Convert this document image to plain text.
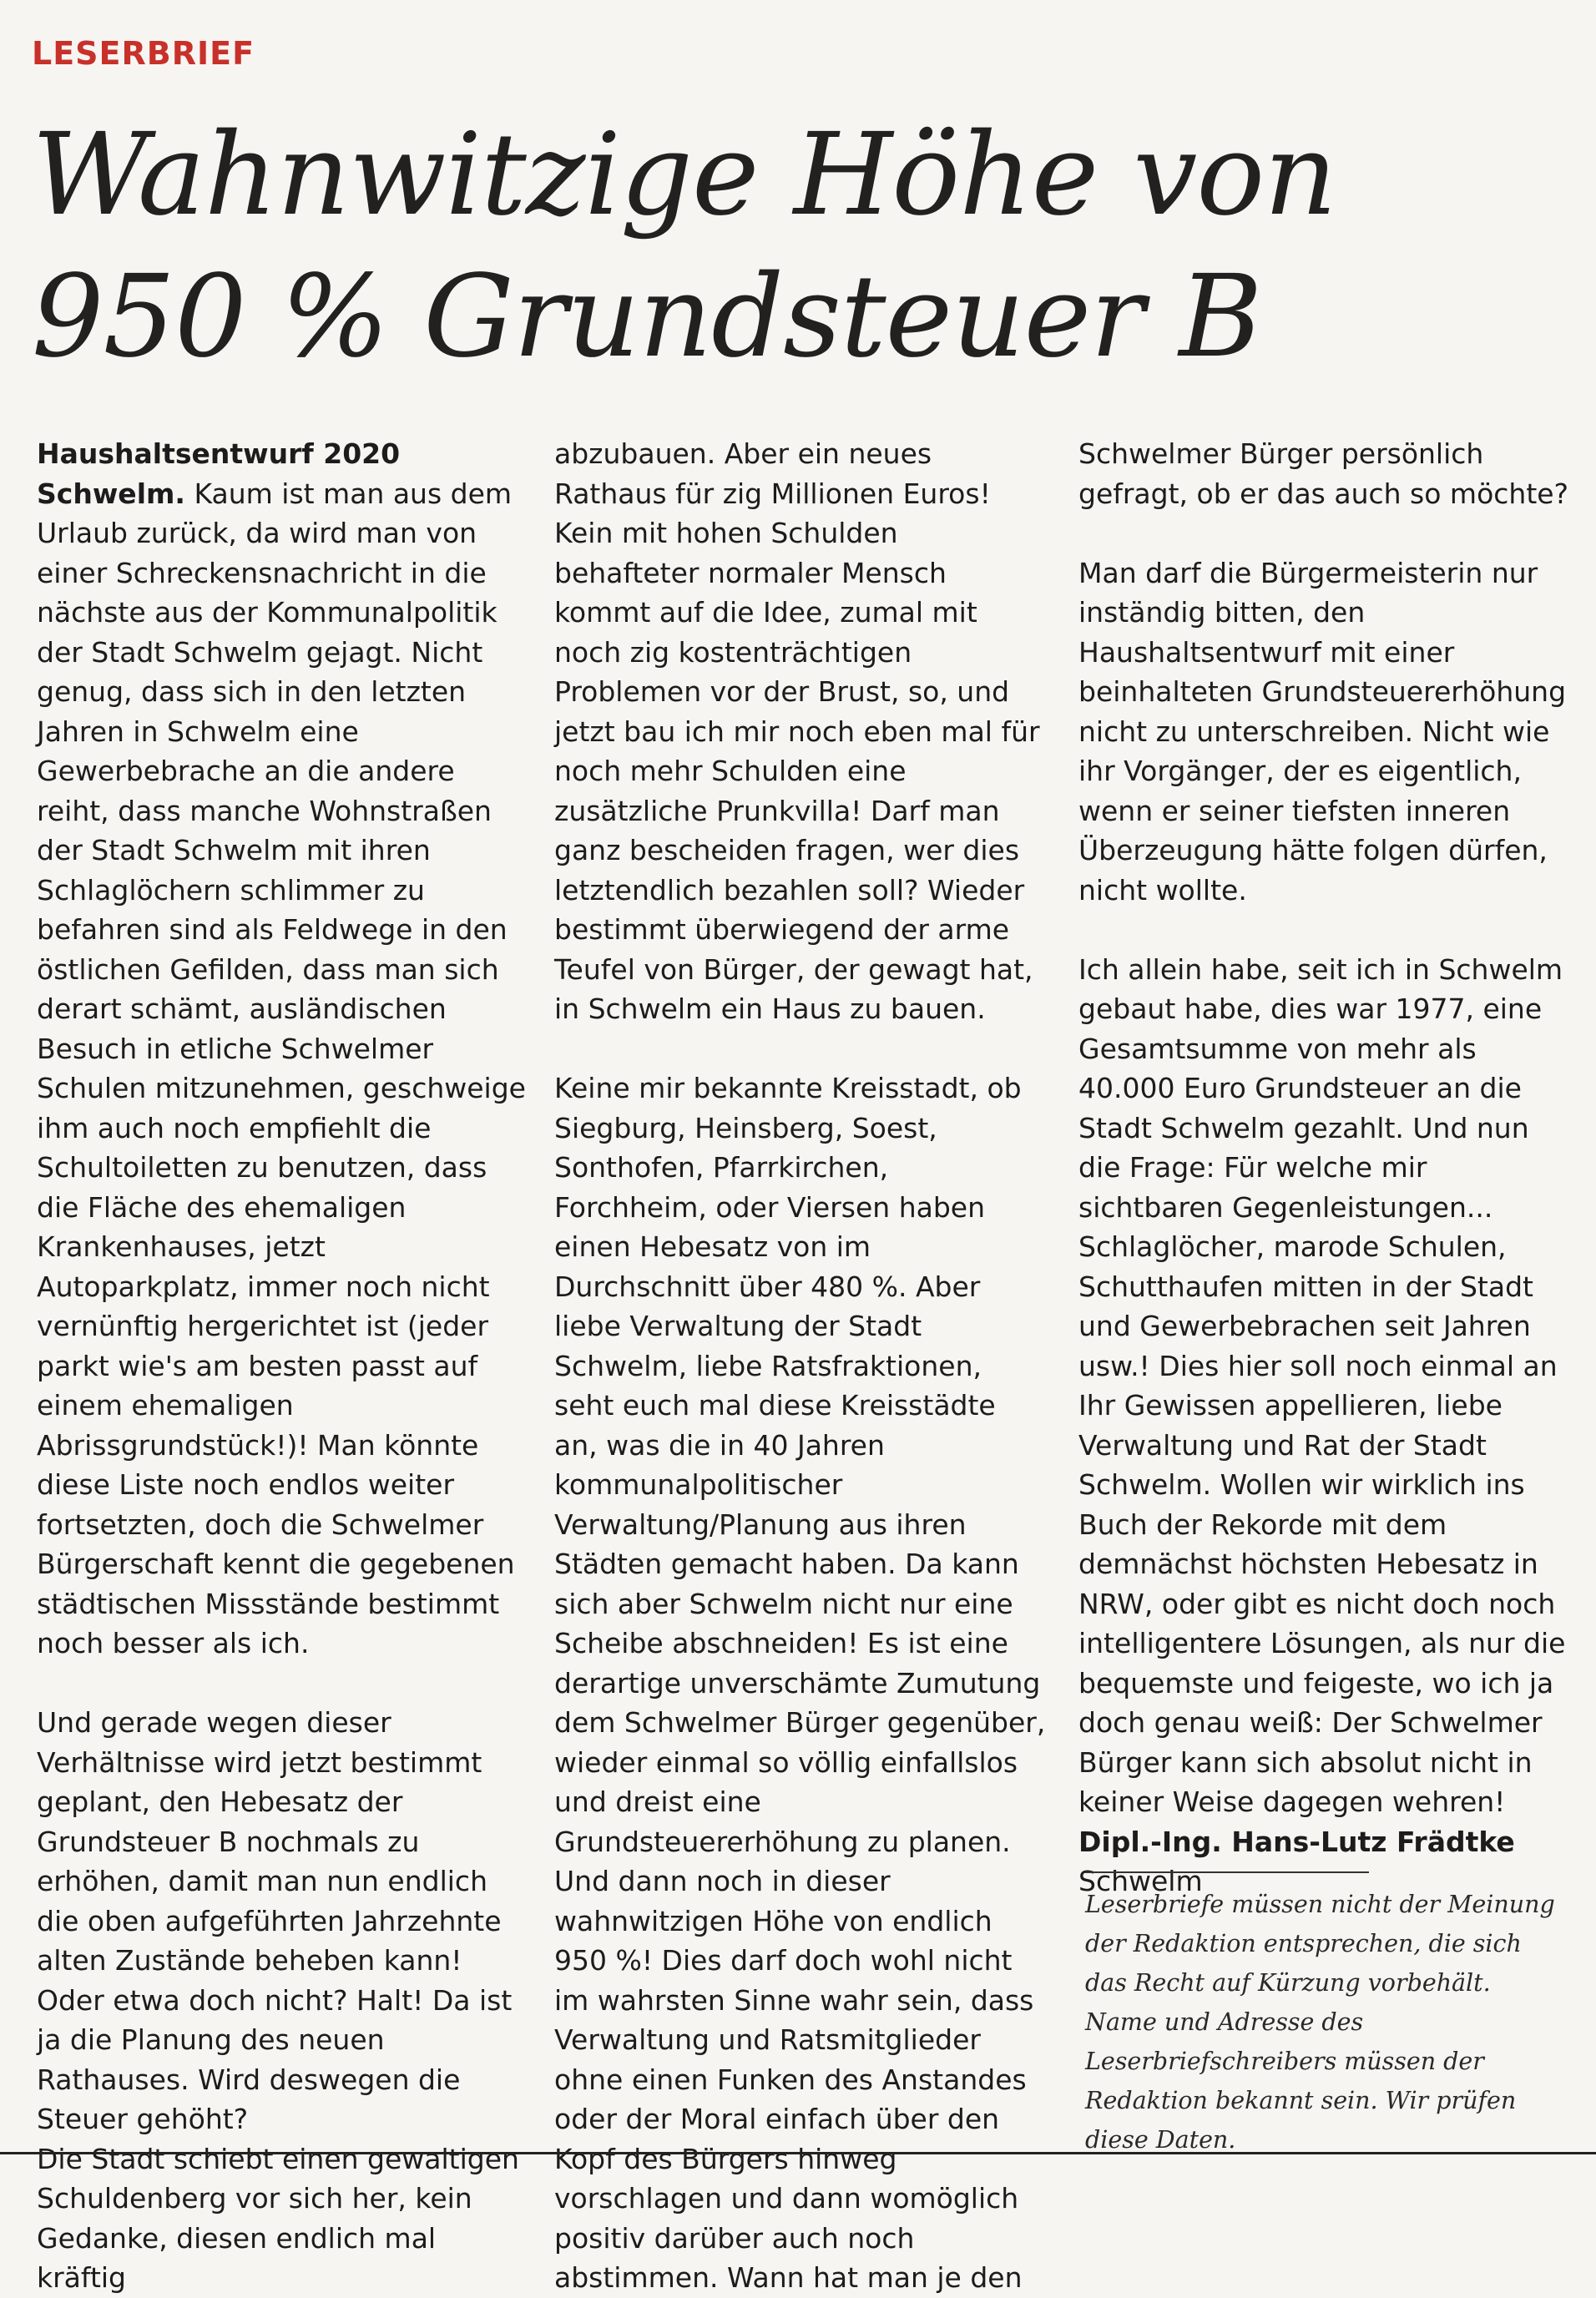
LESERBRIEF
Wahnwitzige Höhe von
950 % Grundsteuer B

Haushaltsentwurf 2020 Schwelm. Kaum ist man aus dem Urlaub zurück, da wird man von einer Schreckensnachricht in die nächste aus der Kommunalpolitik der Stadt Schwelm gejagt. Nicht genug, dass sich in den letzten Jahren in Schwelm eine Gewerbebrache an die andere reiht, dass manche Wohnstraßen der Stadt Schwelm mit ihren Schlaglöchern schlimmer zu befahren sind als Feldwege in den östlichen Gefilden, dass man sich derart schämt, ausländischen Besuch in etliche Schwelmer Schulen mitzunehmen, geschweige ihm auch noch empfiehlt die Schultoiletten zu benutzen, dass die Fläche des ehemaligen Krankenhauses, jetzt Autoparkplatz, immer noch nicht vernünftig hergerichtet ist (jeder parkt wie's am besten passt auf einem ehemaligen Abrissgrundstück!)! Man könnte diese Liste noch endlos weiter fortsetzten, doch die Schwelmer Bürgerschaft kennt die gegebenen städtischen Missstände bestimmt noch besser als ich.

Und gerade wegen dieser Verhältnisse wird jetzt bestimmt geplant, den Hebesatz der Grundsteuer B nochmals zu erhöhen, damit man nun endlich die oben aufgeführten Jahrzehnte alten Zustände beheben kann! Oder etwa doch nicht? Halt! Da ist ja die Planung des neuen Rathauses. Wird deswegen die Steuer gehöht?

Die Stadt schiebt einen gewaltigen Schuldenberg vor sich her, kein Gedanke, diesen endlich mal kräftig

abzubauen. Aber ein neues Rathaus für zig Millionen Euros! Kein mit hohen Schulden behafteter normaler Mensch kommt auf die Idee, zumal mit noch zig kostenträchtigen Problemen vor der Brust, so, und jetzt bau ich mir noch eben mal für noch mehr Schulden eine zusätzliche Prunkvilla! Darf man ganz bescheiden fragen, wer dies letztendlich bezahlen soll? Wieder bestimmt überwiegend der arme Teufel von Bürger, der gewagt hat, in Schwelm ein Haus zu bauen.

Keine mir bekannte Kreisstadt, ob Siegburg, Heinsberg, Soest, Sonthofen, Pfarrkirchen, Forchheim, oder Viersen haben einen Hebesatz von im Durchschnitt über 480 %. Aber liebe Verwaltung der Stadt Schwelm, liebe Ratsfraktionen, seht euch mal diese Kreisstädte an, was die in 40 Jahren kommunalpolitischer Verwaltung/Planung aus ihren Städten gemacht haben. Da kann sich aber Schwelm nicht nur eine Scheibe abschneiden! Es ist eine derartige unverschämte Zumutung dem Schwelmer Bürger gegenüber, wieder einmal so völlig einfallslos und dreist eine Grundsteuererhöhung zu planen. Und dann noch in dieser wahnwitzigen Höhe von endlich 950 %! Dies darf doch wohl nicht im wahrsten Sinne wahr sein, dass Verwaltung und Ratsmitglieder ohne einen Funken des Anstandes oder der Moral einfach über den Kopf des Bürgers hinweg vorschlagen und dann womöglich positiv darüber auch noch abstimmen. Wann hat man je den

Schwelmer Bürger persönlich gefragt, ob er das auch so möchte?

Man darf die Bürgermeisterin nur inständig bitten, den Haushaltsentwurf mit einer beinhalteten Grundsteuererhöhung nicht zu unterschreiben. Nicht wie ihr Vorgänger, der es eigentlich, wenn er seiner tiefsten inneren Überzeugung hätte folgen dürfen, nicht wollte.

Ich allein habe, seit ich in Schwelm gebaut habe, dies war 1977, eine Gesamtsumme von mehr als 40.000 Euro Grundsteuer an die Stadt Schwelm gezahlt. Und nun die Frage: Für welche mir sichtbaren Gegenleistungen... Schlaglöcher, marode Schulen, Schutthaufen mitten in der Stadt und Gewerbebrachen seit Jahren usw.! Dies hier soll noch einmal an Ihr Gewissen appellieren, liebe Verwaltung und Rat der Stadt Schwelm. Wollen wir wirklich ins Buch der Rekorde mit dem demnächst höchsten Hebesatz in NRW, oder gibt es nicht doch noch intelligentere Lösungen, als nur die bequemste und feigeste, wo ich ja doch genau weiß: Der Schwelmer Bürger kann sich absolut nicht in keiner Weise dagegen wehren!

Dipl.-Ing. Hans-Lutz Frädtke

Schwelm

Leserbriefe müssen nicht der Meinung der Redaktion entsprechen, die sich das Recht auf Kürzung vorbehält. Name und Adresse des Leserbriefschreibers müssen der Redaktion bekannt sein. Wir prüfen diese Daten.
